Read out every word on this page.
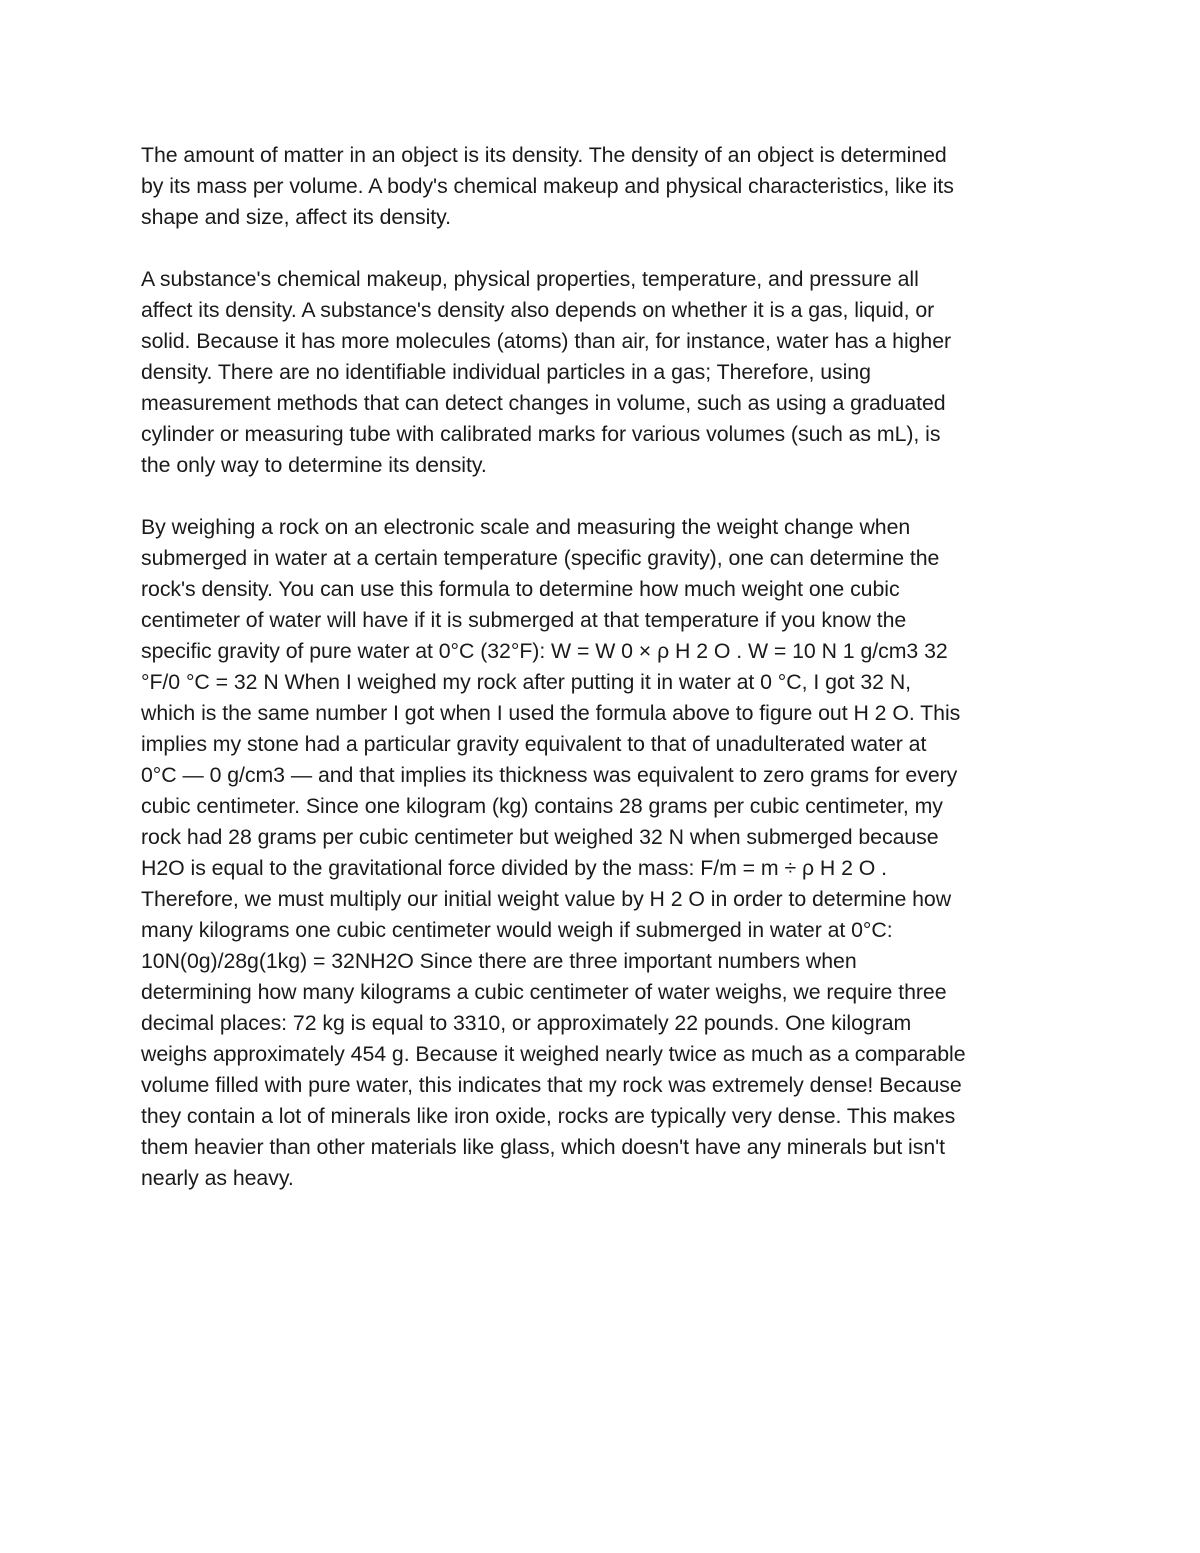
The amount of matter in an object is its density. The density of an object is determined
by its mass per volume. A body's chemical makeup and physical characteristics, like its
shape and size, affect its density.

A substance's chemical makeup, physical properties, temperature, and pressure all
affect its density. A substance's density also depends on whether it is a gas, liquid, or
solid. Because it has more molecules (atoms) than air, for instance, water has a higher
density. There are no identifiable individual particles in a gas; Therefore, using
measurement methods that can detect changes in volume, such as using a graduated
cylinder or measuring tube with calibrated marks for various volumes (such as mL), is
the only way to determine its density.

By weighing a rock on an electronic scale and measuring the weight change when
submerged in water at a certain temperature (specific gravity), one can determine the
rock's density. You can use this formula to determine how much weight one cubic
centimeter of water will have if it is submerged at that temperature if you know the
specific gravity of pure water at 0°C (32°F): W = W 0 × ρ H 2 O . W = 10 N 1 g/cm3 32
°F/0 °C = 32 N When I weighed my rock after putting it in water at 0 °C, I got 32 N,
which is the same number I got when I used the formula above to figure out H 2 O. This
implies my stone had a particular gravity equivalent to that of unadulterated water at
0°C — 0 g/cm3 — and that implies its thickness was equivalent to zero grams for every
cubic centimeter. Since one kilogram (kg) contains 28 grams per cubic centimeter, my
rock had 28 grams per cubic centimeter but weighed 32 N when submerged because
H2O is equal to the gravitational force divided by the mass: F/m = m ÷ ρ H 2 O .
Therefore, we must multiply our initial weight value by H 2 O in order to determine how
many kilograms one cubic centimeter would weigh if submerged in water at 0°C:
10N(0g)/28g(1kg) = 32NH2O Since there are three important numbers when
determining how many kilograms a cubic centimeter of water weighs, we require three
decimal places: 72 kg is equal to 3310, or approximately 22 pounds. One kilogram
weighs approximately 454 g. Because it weighed nearly twice as much as a comparable
volume filled with pure water, this indicates that my rock was extremely dense! Because
they contain a lot of minerals like iron oxide, rocks are typically very dense. This makes
them heavier than other materials like glass, which doesn't have any minerals but isn't
nearly as heavy.
